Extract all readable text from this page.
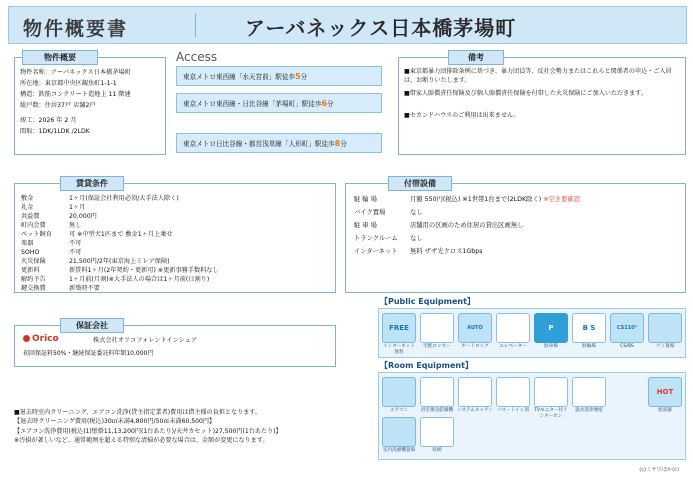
物件概要書	アーバネックス日本橋茅場町
物件名称：アーバネックス日本橋茅場町
所在地：東京都中央区観魚町1-1-1
構造：鉄筋コンクリート造地上 11 階建
総戸数：住居37戸 店舗2戸
竣工：2026 年 2 月
間取：1DK/1LDK /2LDK
物件概要	Access
東京メトロ東西線「水天宮前」駅徒歩5分
東京メトロ東西線・日比谷線「茅場町」駅徒歩6分
東京メトロ日比谷線・都営浅草線「人形町」駅徒歩8分
■東京都暴力団排除条例に基づき、暴力団員等、反社会勢力またはこれらと関係者の申込・ご入居は、お断りいたします。
■借家人賠償責任保険及び個人賠償責任保険を付帯した火災保険にご加入いただきます。
■セカンドハウスのご利用は出来ません。
備考
敷金	1ヶ月(保証会社利用必須/大手法人除く)
礼金	1ヶ月
共益費	20,000円
町内会費	無し
ペット飼育	可 ※中型犬1匹まで 敷金1ヶ月上乗せ
楽器	不可
SOHO	不可
火災保険	21,500円/2年(東京海上ミレア保険)
更新料	新賃料1ヶ月(2年契約・更新可) ※更新事務手数料なし
解約予告	1ヶ月前(月割)※大手法人の場合は1ヶ月前(日割り)
鍵交換費	新築時不要
賃貸条件
駐 輪 場	月額 550円(税込) ※1世帯1台まで(2LDK除く) ※空き要確認
バイク置場	なし
駐 車 場	店舗用の区画のため住居の貸出区画無し
トランクルーム	なし
インターネット	無料 ザザ光クロス1Gbps
付帯設備
Orico	株式会社オリコフォレントインシュア
初回保証料50%・継続保証委託料年額10,000円
保証会社
■退去時室内クリーニング、エアコン洗浄(貸主指定業者)費用は借主様の負担となります。
【退去時クリーニング費用(税込)30㎡未満4,800円/50㎡未満60,500円】
【エアコン洗浄費用(税込)1)壁掛11,13,200円(1台あたり)/天井カセット)27,500円(1台あたり)】
※汚損が著しいなど、通常範囲を超える特別な清掃が必要な場合は、金額が変更になります。
【Public Equipment】
FREE
インターネット 無料
宅配ロッカー
AUTO
オートロック	エレベーター
P
駐車場
B S
駐輪場
CS110°
CS/BS	ゴミ置場
【Room Equipment】
エアコン	浴室換気乾燥機 システムキッチン バス・トイレ別	TVモニター付インターホン
温水洗浄便座
HOT
給湯器
室内洗濯機置場	収納
(c)ミサワほか(c)
